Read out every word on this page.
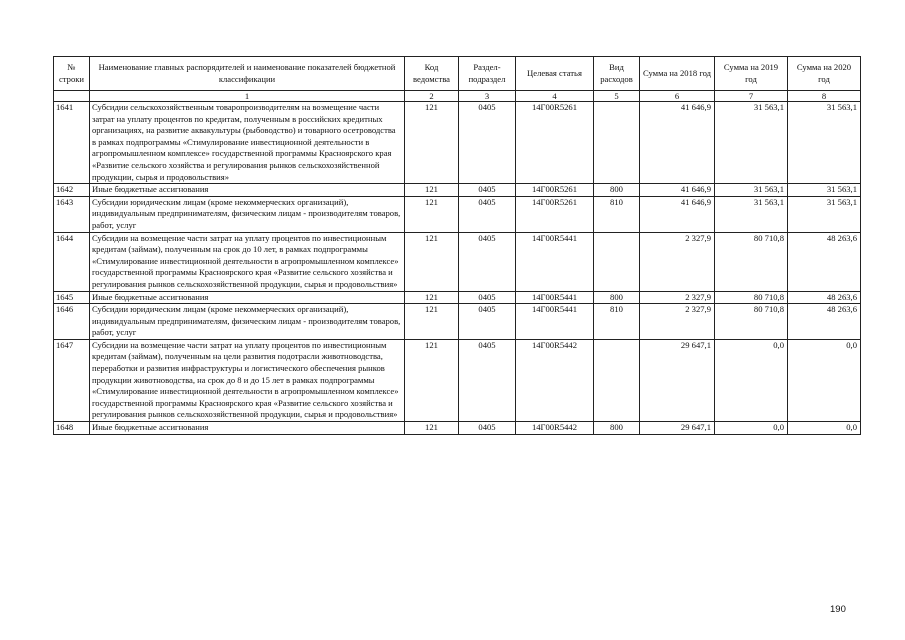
№ строки	Наименование главных распорядителей и наименование показателей бюджетной классификации	Код ведомства	Раздел-подраздел	Целевая статья	Вид расходов	Сумма на 2018 год	Сумма на 2019 год	Сумма на 2020 год
	1	2	3	4	5	6	7	8
1641	Субсидии сельскохозяйственным товаропроизводителям на возмещение части затрат на уплату процентов по кредитам, полученным в российских кредитных организациях, на развитие аквакультуры (рыбоводство) и товарного осетроводства в рамках подпрограммы «Стимулирование инвестиционной деятельности в агропромышленном комплексе» государственной программы Красноярского края «Развитие сельского хозяйства и регулирования рынков сельскохозяйственной продукции, сырья и продовольствия»	121	0405	14Г00R5261		41 646,9	31 563,1	31 563,1
1642	Иные бюджетные ассигнования	121	0405	14Г00R5261	800	41 646,9	31 563,1	31 563,1
1643	Субсидии юридическим лицам (кроме некоммерческих организаций), индивидуальным предпринимателям, физическим лицам - производителям товаров, работ, услуг	121	0405	14Г00R5261	810	41 646,9	31 563,1	31 563,1
1644	Субсидии на возмещение части затрат на уплату процентов по инвестиционным кредитам (займам), полученным на срок до 10 лет, в рамках подпрограммы «Стимулирование инвестиционной деятельности в агропромышленном комплексе» государственной программы Красноярского края «Развитие сельского хозяйства и регулирования рынков сельскохозяйственной продукции, сырья и продовольствия»	121	0405	14Г00R5441		2 327,9	80 710,8	48 263,6
1645	Иные бюджетные ассигнования	121	0405	14Г00R5441	800	2 327,9	80 710,8	48 263,6
1646	Субсидии юридическим лицам (кроме некоммерческих организаций), индивидуальным предпринимателям, физическим лицам - производителям товаров, работ, услуг	121	0405	14Г00R5441	810	2 327,9	80 710,8	48 263,6
1647	Субсидии на возмещение части затрат на уплату процентов по инвестиционным кредитам (займам), полученным на цели развития подотрасли животноводства, переработки и развития инфраструктуры и логистического обеспечения рынков продукции животноводства, на срок до 8 и до 15 лет в рамках подпрограммы «Стимулирование инвестиционной деятельности в агропромышленном комплексе» государственной программы Красноярского края «Развитие сельского хозяйства и регулирования рынков сельскохозяйственной продукции, сырья и продовольствия»	121	0405	14Г00R5442		29 647,1	0,0	0,0
1648	Иные бюджетные ассигнования	121	0405	14Г00R5442	800	29 647,1	0,0	0,0
190
